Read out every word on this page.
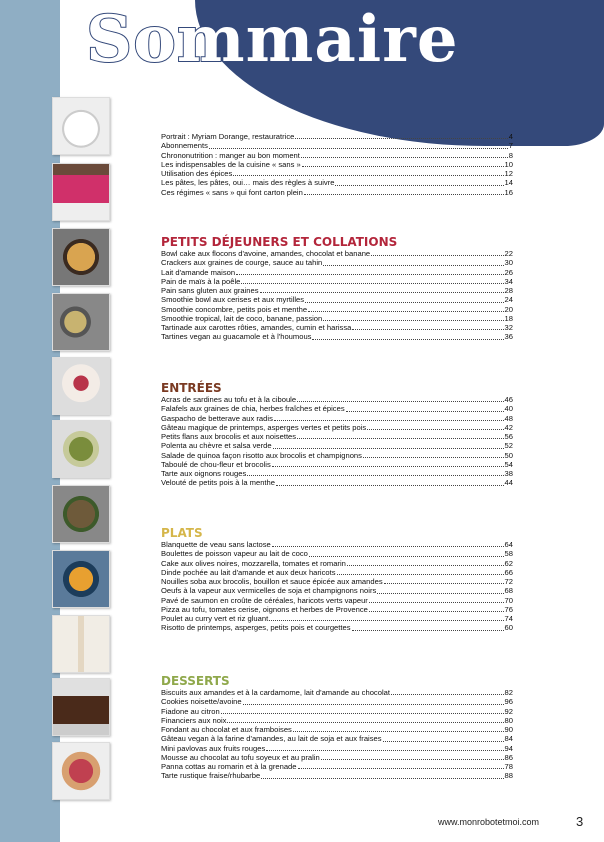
Sommaire
Portrait : Myriam Dorange, restauratrice	4
Abonnements	7
Chrononutrition : manger au bon moment	8
Les indispensables de la cuisine « sans »	10
Utilisation des épices	12
Les pâtes, les pâtes, oui… mais des règles à suivre	14
Ces régimes « sans » qui font carton plein	16
PETITS DÉJEUNERS ET COLLATIONS
Bowl cake aux flocons d'avoine, amandes, chocolat et banane	22
Crackers aux graines de courge, sauce au tahin	30
Lait d'amande maison	26
Pain de maïs à la poêle	34
Pain sans gluten aux graines	28
Smoothie bowl aux cerises et aux myrtilles	24
Smoothie concombre, petits pois et menthe	20
Smoothie tropical, lait de coco, banane, passion	18
Tartinade aux carottes rôties, amandes, cumin et harissa	32
Tartines vegan au guacamole et à l'houmous	36
ENTRÉES
Acras de sardines au tofu et à la ciboule	46
Falafels aux graines de chia, herbes fraîches et épices	40
Gaspacho de betterave aux radis	48
Gâteau magique de printemps, asperges vertes et petits pois	42
Petits flans aux brocolis et aux noisettes	56
Polenta au chèvre et salsa verde	52
Salade de quinoa façon risotto aux brocolis et champignons	50
Taboulé de chou-fleur et brocolis	54
Tarte aux oignons rouges	38
Velouté de petits pois à la menthe	44
PLATS
Blanquette de veau sans lactose	64
Boulettes de poisson vapeur au lait de coco	58
Cake aux olives noires, mozzarella, tomates et romarin	62
Dinde pochée au lait d'amande et aux deux haricots	66
Nouilles soba aux brocolis, bouillon et sauce épicée aux amandes	72
Oeufs à la vapeur aux vermicelles de soja et champignons noirs	68
Pavé de saumon en croûte de céréales, haricots verts vapeur	70
Pizza au tofu, tomates cerise, oignons et herbes de Provence	76
Poulet au curry vert et riz gluant	74
Risotto de printemps, asperges, petits pois et courgettes	60
DESSERTS
Biscuits aux amandes et à la cardamome, lait d'amande au chocolat	82
Cookies noisette/avoine	96
Fiadone au citron	92
Financiers aux noix	80
Fondant au chocolat et aux framboises	90
Gâteau vegan à la farine d'amandes, au lait de soja et aux fraises	84
Mini pavlovas aux fruits rouges	94
Mousse au chocolat au tofu soyeux et au pralin	86
Panna cottas au romarin et à la grenade	78
Tarte rustique fraise/rhubarbe	88
www.monrobotetmoi.com	3
